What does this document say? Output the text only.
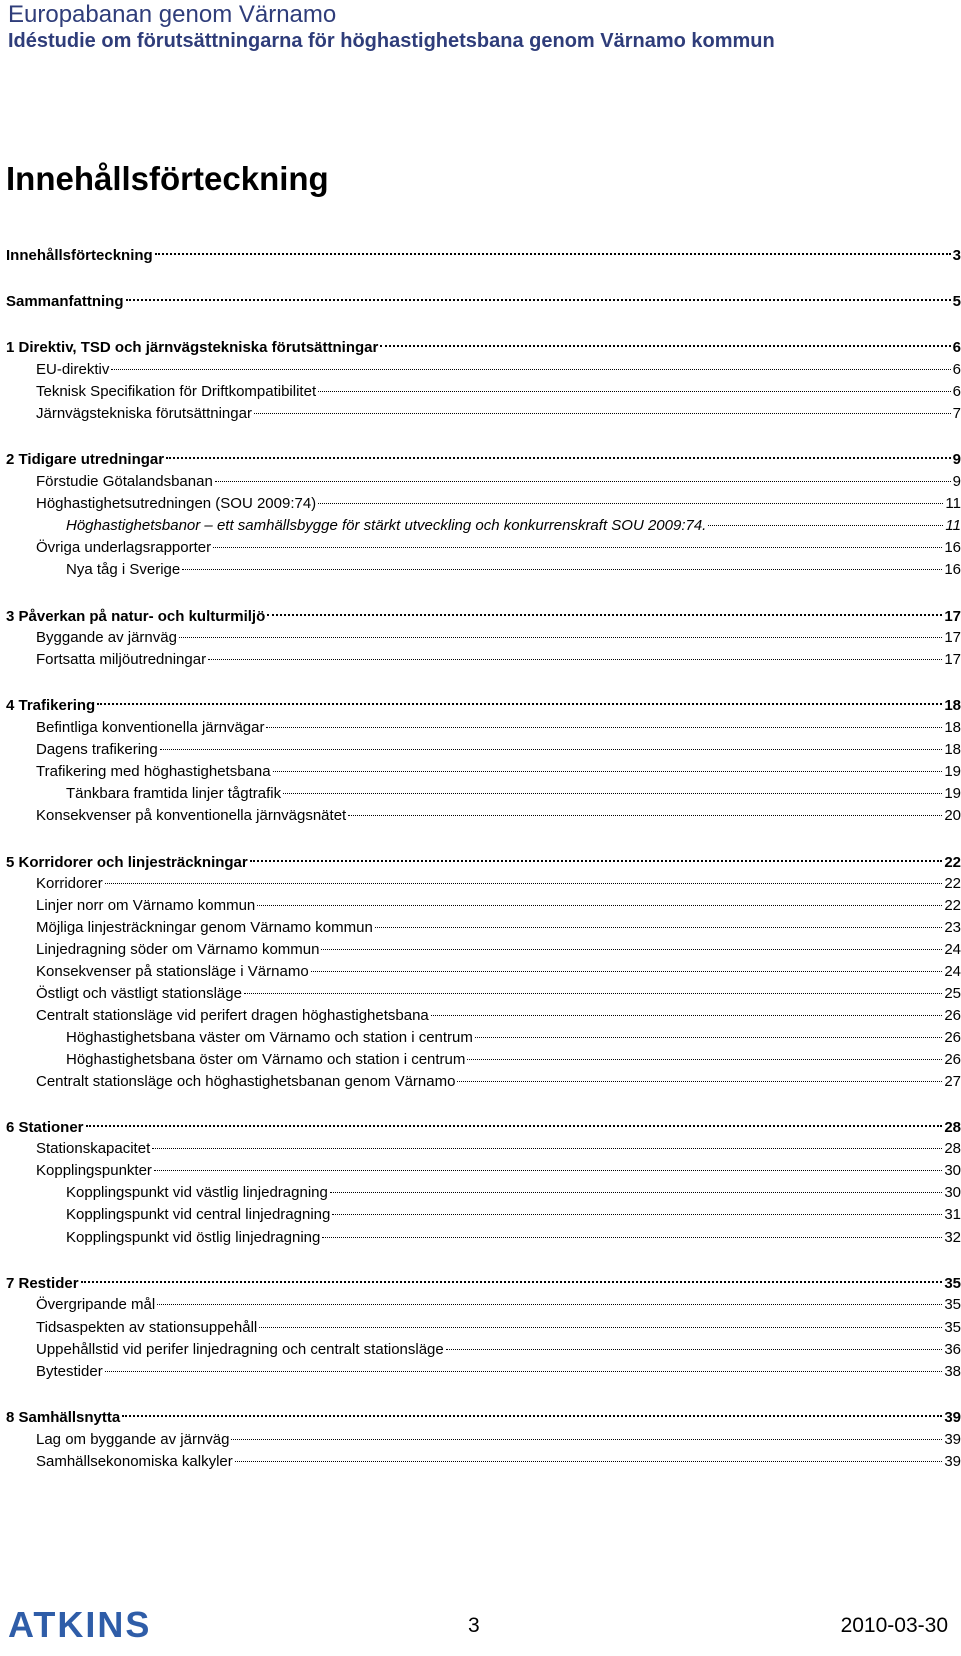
Europabanan genom Värnamo
Idéstudie om förutsättningarna för höghastighetsbana genom Värnamo kommun
Innehållsförteckning
Innehållsförteckning	3
Sammanfattning	5
1 Direktiv, TSD och järnvägstekniska förutsättningar	6
EU-direktiv	6
Teknisk Specifikation för Driftkompatibilitet	6
Järnvägstekniska förutsättningar	7
2 Tidigare utredningar	9
Förstudie Götalandsbanan	9
Höghastighetsutredningen (SOU 2009:74)	11
Höghastighetsbanor – ett samhällsbygge för stärkt utveckling och konkurrenskraft SOU 2009:74.	11
Övriga underlagsrapporter	16
Nya tåg i Sverige	16
3 Påverkan på natur- och kulturmiljö	17
Byggande av järnväg	17
Fortsatta miljöutredningar	17
4 Trafikering	18
Befintliga konventionella järnvägar	18
Dagens trafikering	18
Trafikering med höghastighetsbana	19
Tänkbara framtida linjer tågtrafik	19
Konsekvenser på konventionella järnvägsnätet	20
5 Korridorer och linjesträckningar	22
Korridorer	22
Linjer norr om Värnamo kommun	22
Möjliga linjesträckningar genom Värnamo kommun	23
Linjedragning söder om Värnamo kommun	24
Konsekvenser på stationsläge i Värnamo	24
Östligt och västligt stationsläge	25
Centralt stationsläge vid perifert dragen höghastighetsbana	26
Höghastighetsbana väster om Värnamo och station i centrum	26
Höghastighetsbana öster om Värnamo och station i centrum	26
Centralt stationsläge och höghastighetsbanan genom Värnamo	27
6 Stationer	28
Stationskapacitet	28
Kopplingspunkter	30
Kopplingspunkt vid västlig linjedragning	30
Kopplingspunkt vid central linjedragning	31
Kopplingspunkt vid östlig linjedragning	32
7 Restider	35
Övergripande mål	35
Tidsaspekten av stationsuppehåll	35
Uppehållstid vid perifer linjedragning och centralt stationsläge	36
Bytestider	38
8 Samhällsnytta	39
Lag om byggande av järnväg	39
Samhällsekonomiska kalkyler	39
ATKINS	3	2010-03-30
